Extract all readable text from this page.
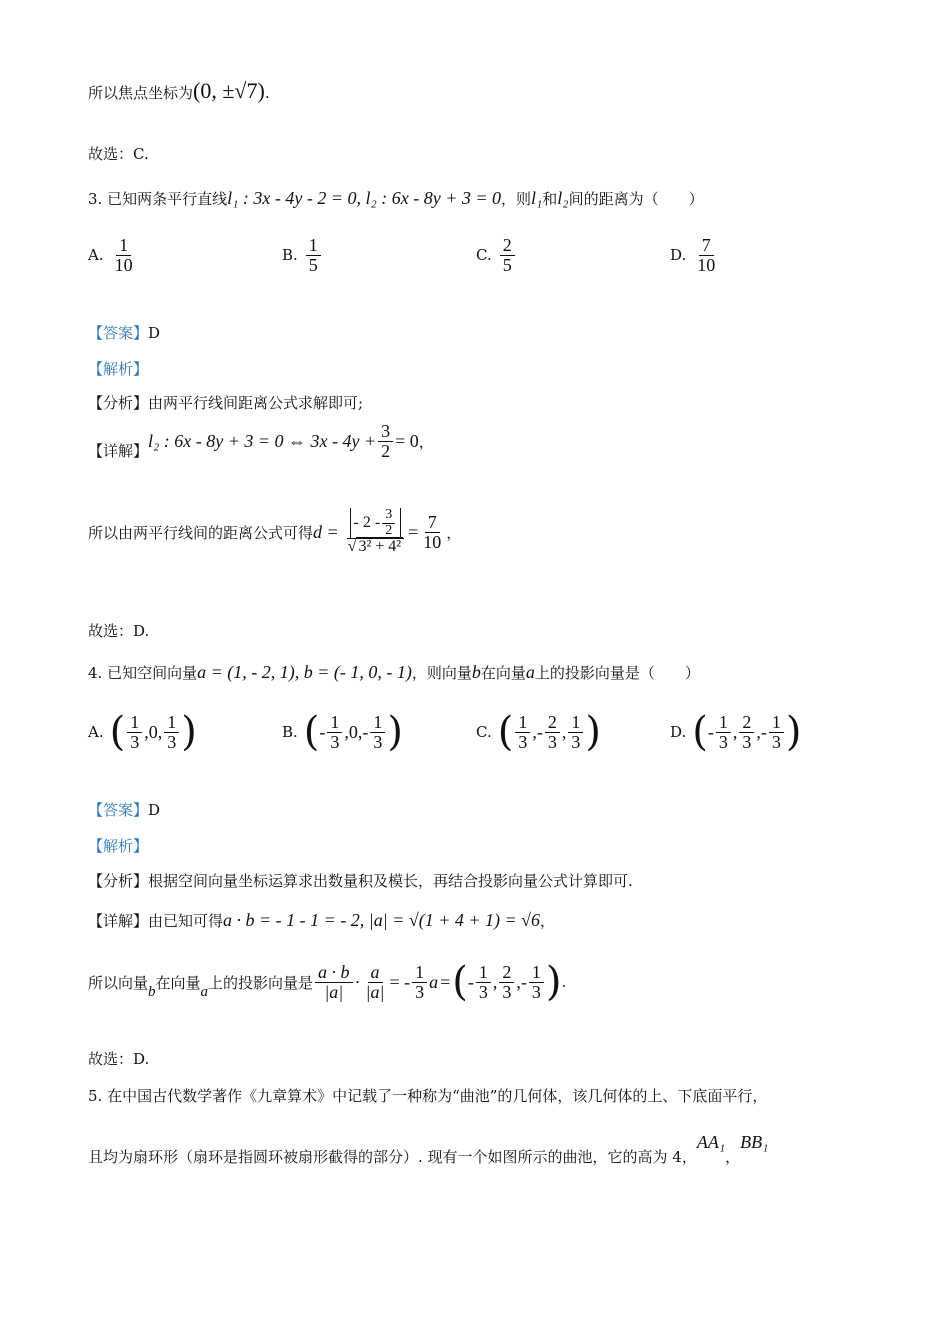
所以焦点坐标为(0, ±√7).
故选：C.
3. 已知两条平行直线l₁ : 3x - 4y - 2 = 0, l₂ : 6x - 8y + 3 = 0，则l₁和l₂间的距离为（　　）
A. $\frac{1}{10}$	B. $\frac{1}{5}$	C. $\frac{2}{5}$	D. $\frac{7}{10}$
【答案】D
【解析】
【分析】由两平行线间距离公式求解即可;
【详解】 l₂ : 6x - 8y + 3 = 0 ⇔ $3x - 4y + \frac{3}{2} = 0$ ，
所以由两平行线间的距离公式可得 $d = \frac{- 2 - \frac{3}{2}}{\text{√ 3² + 4²}} = \frac{7}{10}$ ，
故选：D.
4. 已知空间向量a = (1, - 2, 1), b = (- 1, 0, - 1)，则向量b在向量a上的投影向量是（　　）
A. ( $\frac{1}{3}$ , 0 , $\frac{1}{3}$ )	B. ( - $\frac{1}{3}$ , 0 , - $\frac{1}{3}$ )	C. ( $\frac{1}{3}$ , - $\frac{2}{3}$ , $\frac{1}{3}$ )	D. ( - $\frac{1}{3}$ , $\frac{2}{3}$ , - $\frac{1}{3}$ )
【答案】D
【解析】
【分析】根据空间向量坐标运算求出数量积及模长，再结合投影向量公式计算即可.
【详解】由已知可得a · b = - 1 - 1 = - 2, |a| = √(1 + 4 + 1) = √6，
所以向量 b 在向量 a 上的投影向量是 $\frac{a \cdot b}{|a|} \cdot \frac{a}{|a|}$ = - $\frac{1}{3}$ a = ( - $\frac{1}{3}$ , $\frac{2}{3}$ , - $\frac{1}{3}$ ) .
故选：D.
5. 在中国古代数学著作《九章算术》中记载了一种称为“曲池”的几何体，该几何体的上、下底面平行，
且均为扇环形（扇环是指圆环被扇形截得的部分）. 现有一个如图所示的曲池，它的高为 4，AA₁，BB₁
